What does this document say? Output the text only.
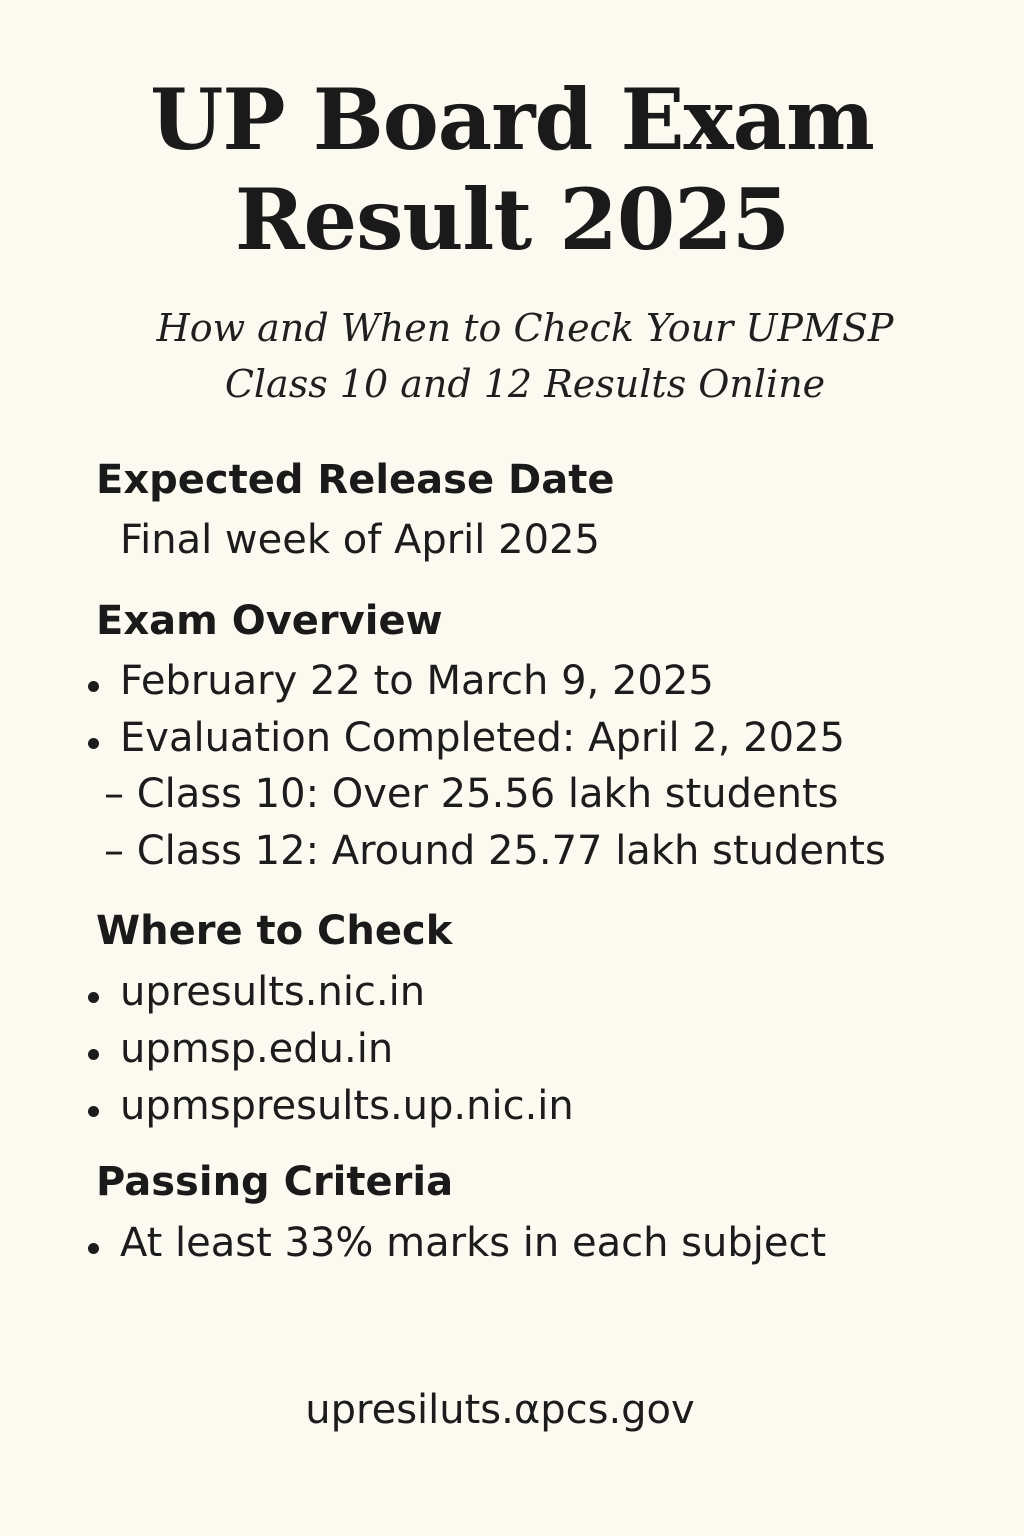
UP Board Exam
Result 2025

How and When to Check Your UPMSP
Class 10 and 12 Results Online

Expected Release Date
Final week of April 2025
Exam Overview
February 22 to March 9, 2025
Evaluation Completed: April 2, 2025
– Class 10: Over 25.56 lakh students
– Class 12: Around 25.77 lakh students
Where to Check
upresults.nic.in
upmsp.edu.in
upmspresults.up.nic.in
Passing Criteria
At least 33% marks in each subject
upresiluts.αpcs.gov
